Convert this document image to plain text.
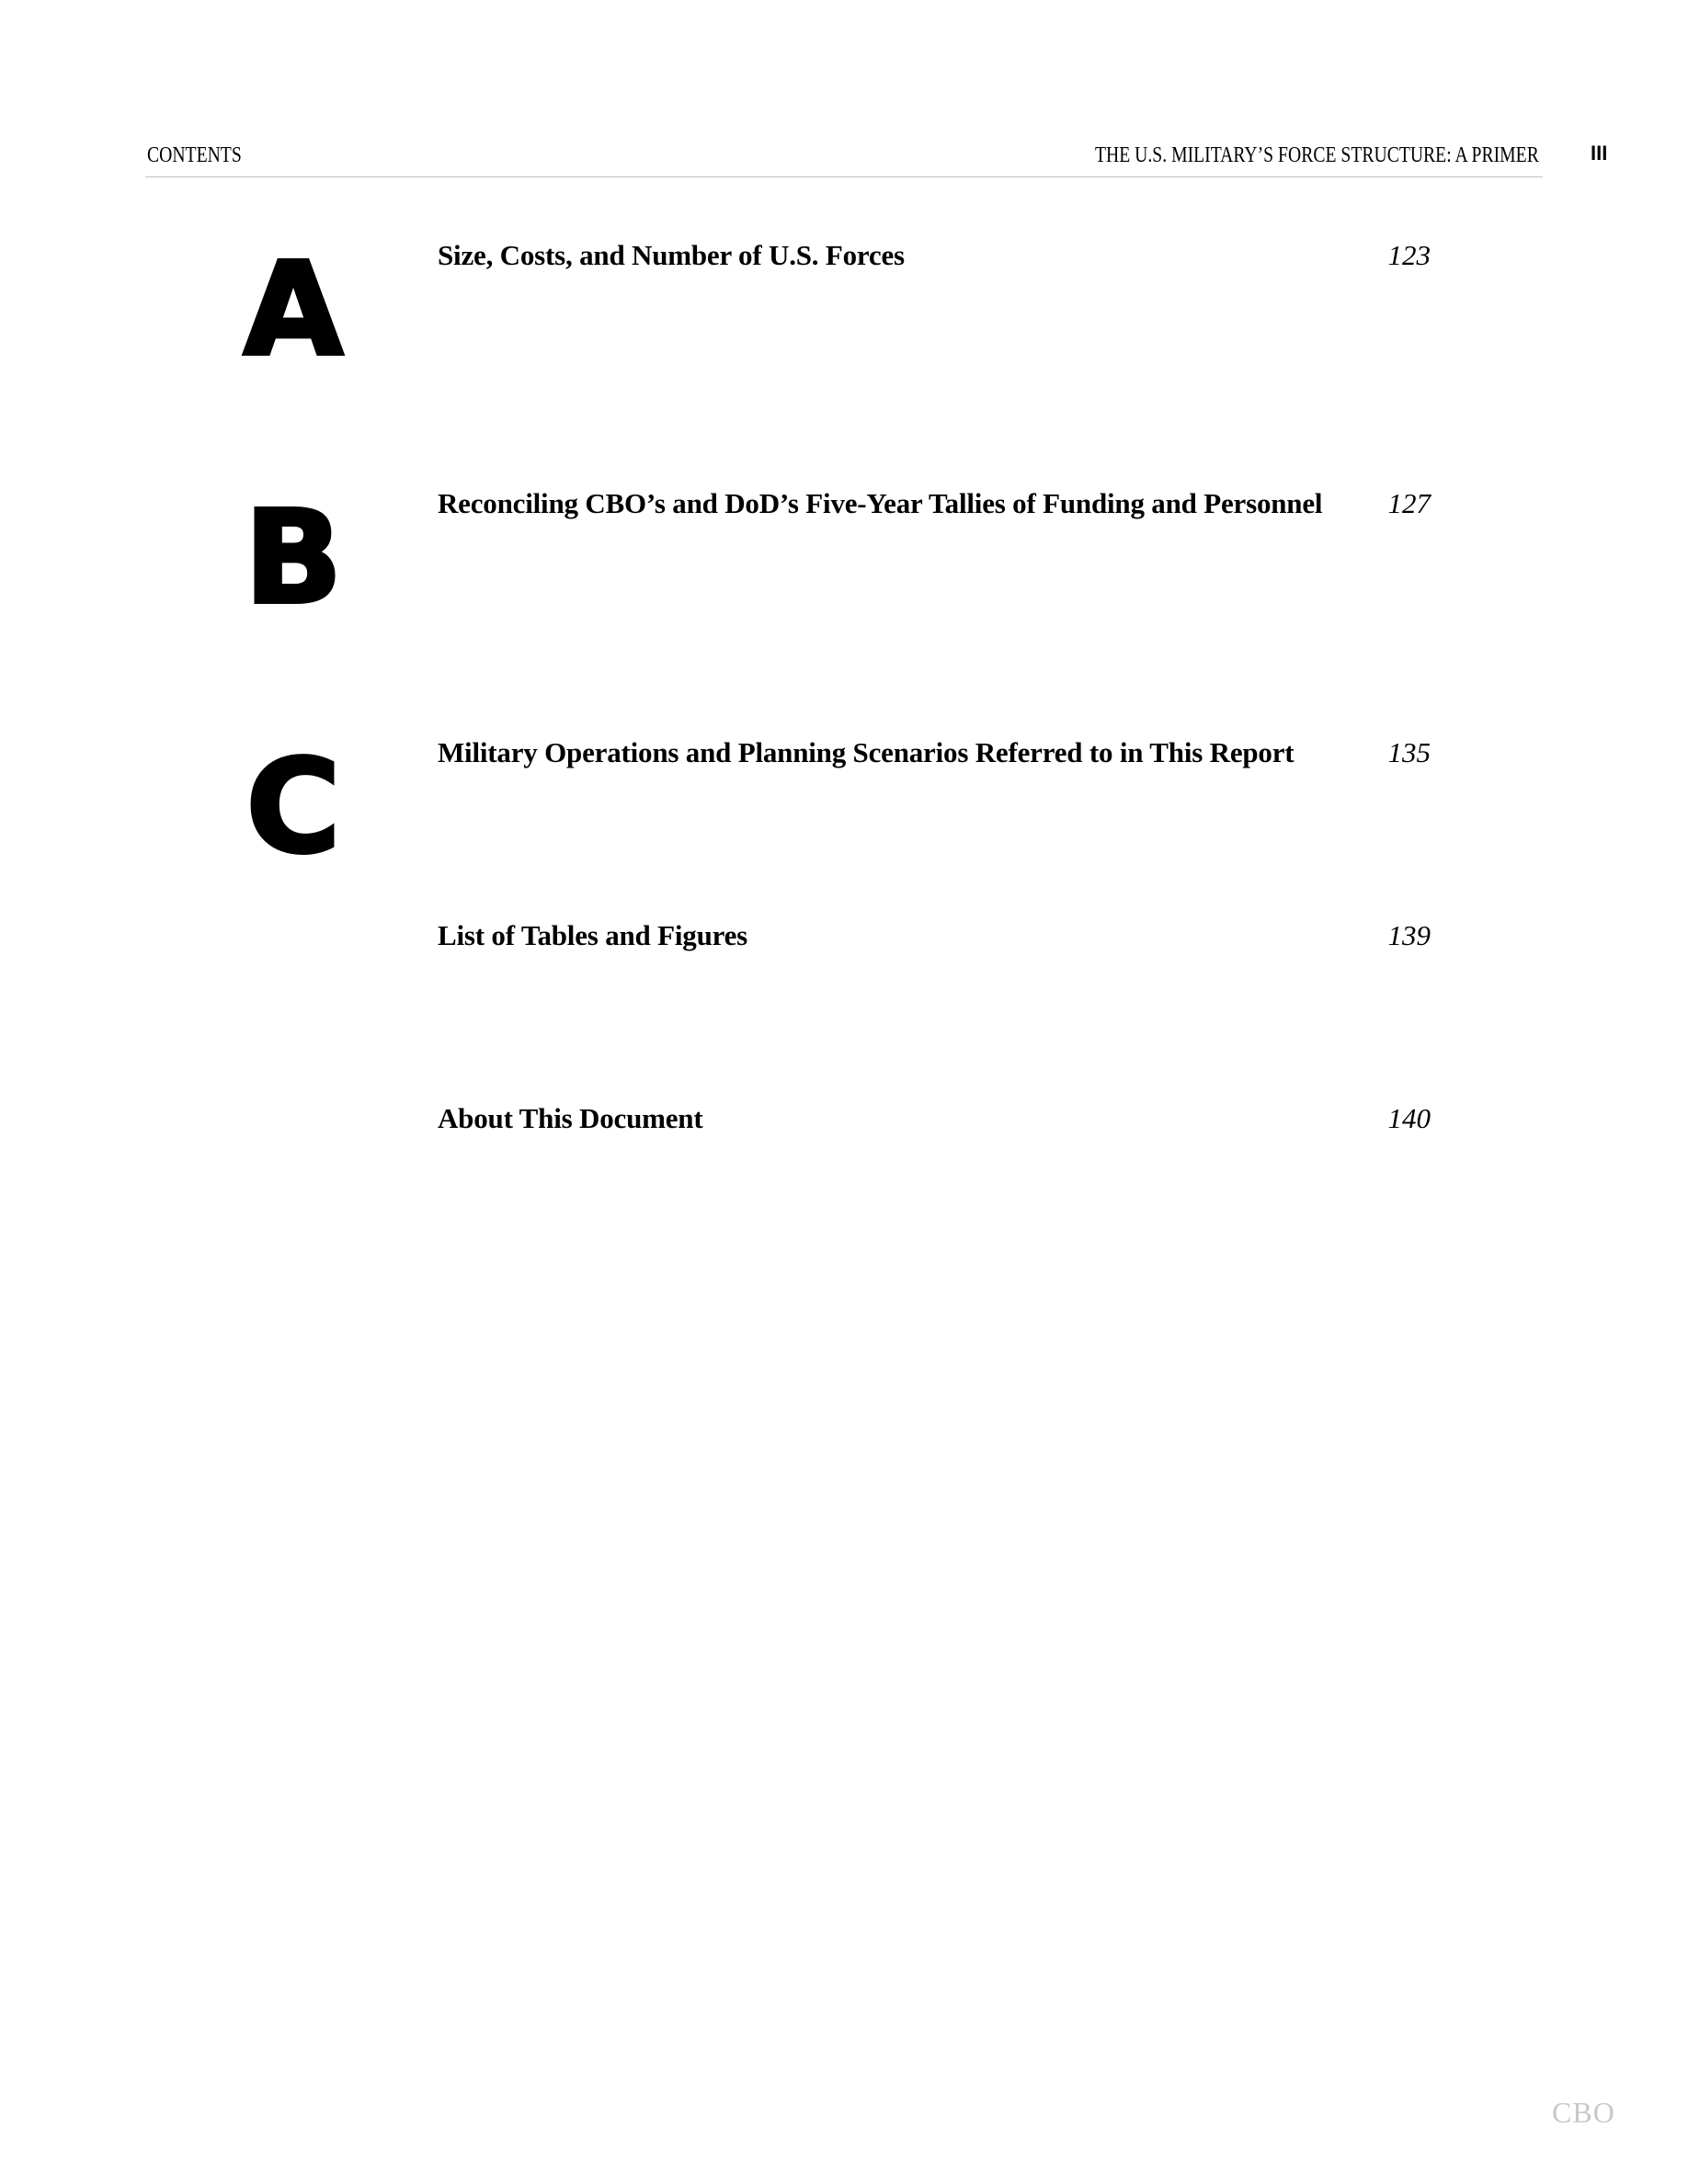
CONTENTS	THE U.S. MILITARY’S FORCE STRUCTURE: A PRIMER	III
A	Size, Costs, and Number of U.S. Forces	123
B	Reconciling CBO’s and DoD’s Five-Year Tallies of Funding and Personnel 127
C	Military Operations and Planning Scenarios Referred to in This Report	135
List of Tables and Figures	139
About This Document	140
CBO
